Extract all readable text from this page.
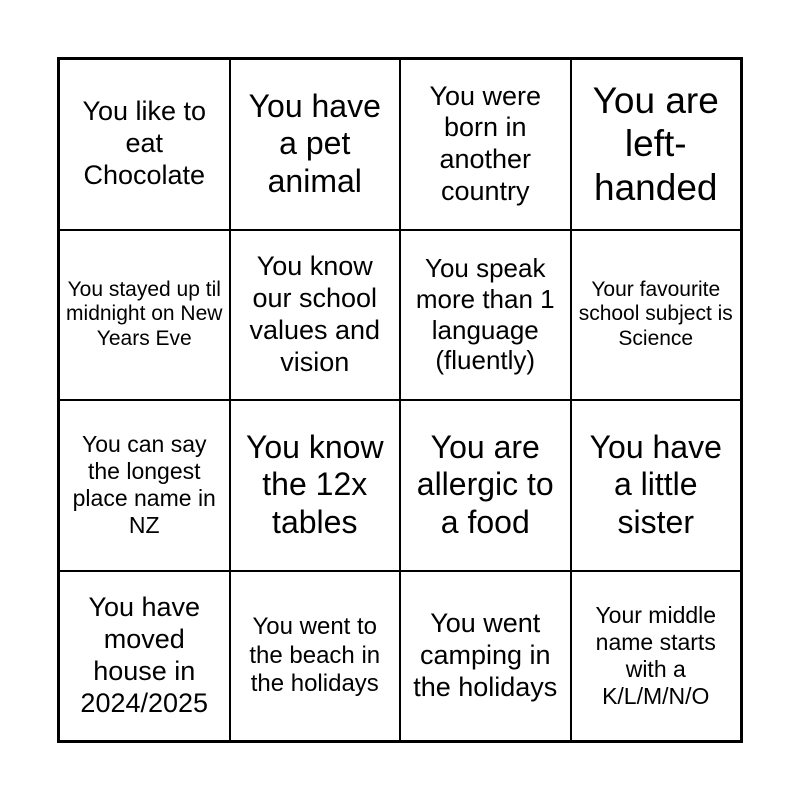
You like to eat Chocolate
You have a pet animal
You were born in another country
You are left-handed
You stayed up til midnight on New Years Eve
You know our school values and vision
You speak more than 1 language (fluently)
Your favourite school subject is Science
You can say the longest place name in NZ
You know the 12x tables
You are allergic to a food
You have a little sister
You have moved house in 2024/2025
You went to the beach in the holidays
You went camping in the holidays
Your middle name starts with a K/L/M/N/O
